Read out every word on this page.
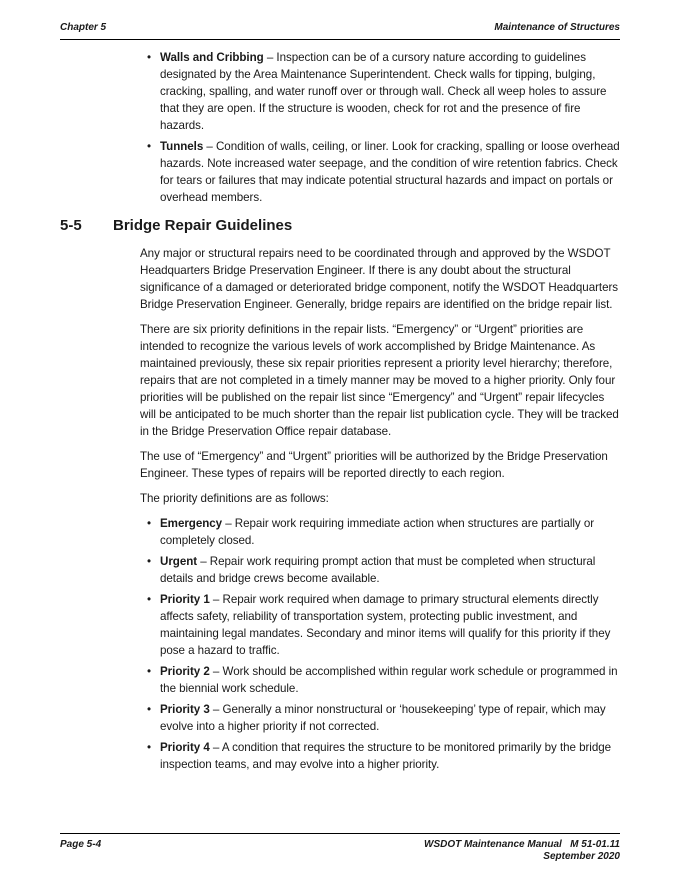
Chapter 5	Maintenance of Structures
• Walls and Cribbing – Inspection can be of a cursory nature according to guidelines designated by the Area Maintenance Superintendent. Check walls for tipping, bulging, cracking, spalling, and water runoff over or through wall. Check all weep holes to assure that they are open. If the structure is wooden, check for rot and the presence of fire hazards.
• Tunnels – Condition of walls, ceiling, or liner. Look for cracking, spalling or loose overhead hazards. Note increased water seepage, and the condition of wire retention fabrics. Check for tears or failures that may indicate potential structural hazards and impact on portals or overhead members.
5-5 Bridge Repair Guidelines

Any major or structural repairs need to be coordinated through and approved by the WSDOT Headquarters Bridge Preservation Engineer. If there is any doubt about the structural significance of a damaged or deteriorated bridge component, notify the WSDOT Headquarters Bridge Preservation Engineer. Generally, bridge repairs are identified on the bridge repair list.

There are six priority definitions in the repair lists. “Emergency” or “Urgent” priorities are intended to recognize the various levels of work accomplished by Bridge Maintenance. As maintained previously, these six repair priorities represent a priority level hierarchy; therefore, repairs that are not completed in a timely manner may be moved to a higher priority. Only four priorities will be published on the repair list since “Emergency” and “Urgent” repair lifecycles will be anticipated to be much shorter than the repair list publication cycle. They will be tracked in the Bridge Preservation Office repair database.

The use of “Emergency” and “Urgent” priorities will be authorized by the Bridge Preservation Engineer. These types of repairs will be reported directly to each region.

The priority definitions are as follows:

• Emergency – Repair work requiring immediate action when structures are partially or completely closed.
• Urgent – Repair work requiring prompt action that must be completed when structural details and bridge crews become available.
• Priority 1 – Repair work required when damage to primary structural elements directly affects safety, reliability of transportation system, protecting public investment, and maintaining legal mandates. Secondary and minor items will qualify for this priority if they pose a hazard to traffic.
• Priority 2 – Work should be accomplished within regular work schedule or programmed in the biennial work schedule.
• Priority 3 – Generally a minor nonstructural or ‘housekeeping’ type of repair, which may evolve into a higher priority if not corrected.
• Priority 4 – A condition that requires the structure to be monitored primarily by the bridge inspection teams, and may evolve into a higher priority.
Page 5-4	WSDOT Maintenance Manual   M 51-01.11
September 2020
